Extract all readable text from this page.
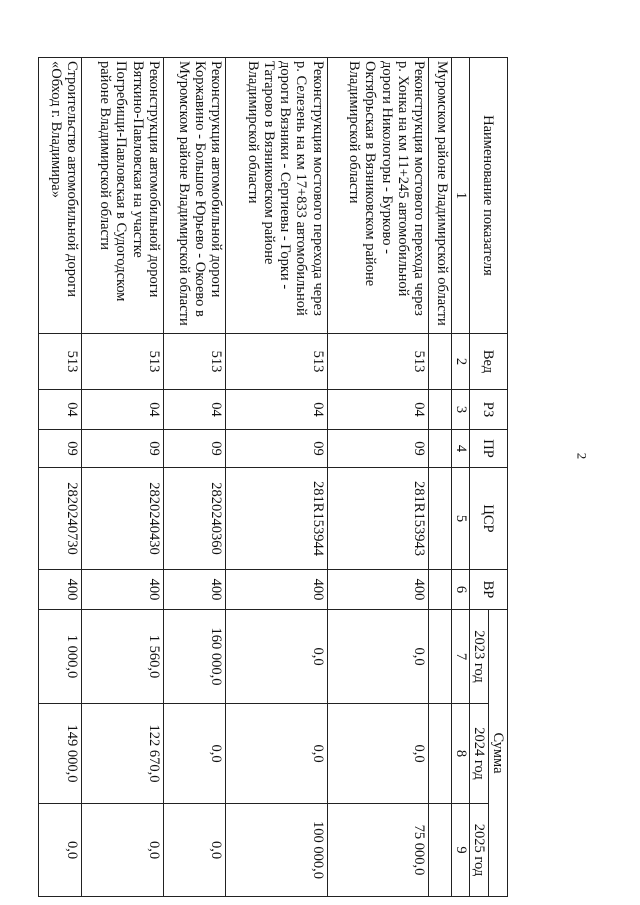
2
Наименование показателя	Вед	РЗ	ПР	ЦСР	ВР	Сумма		
						2023 год	2024 год	2025 год
1	2	3	4	5	6	7	8	9
Муромском районе Владимирской области								
Реконструкция мостового перехода через р. Хонка на км 11+245 автомобильной дороги Никологоры - Бурково - Октябрьская в Вязниковском районе Владимирской области	513	04	09	281R153943	400	0,0	0,0	75 000,0
Реконструкция мостового перехода через р. Селезень на км 17+833 автомобильной дороги Вязники - Сергиевы - Горки - Татарово в Вязниковском районе Владимирской области	513	04	09	281R153944	400	0,0	0,0	100 000,0
Реконструкция автомобильной дороги Коржавино - Большое Юрьево - Окоево в Муромском районе Владимирской области	513	04	09	2820240360	400	160 000,0	0,0	0,0
Реконструкция автомобильной дороги Вяткино-Павловская на участке Погребищи-Павловская в Судогодском районе Владимирской области	513	04	09	2820240430	400	1 560,0	122 670,0	0,0
Строительство автомобильной дороги «Обход г. Владимира»	513	04	09	2820240730	400	1 000,0	149 000,0	0,0
